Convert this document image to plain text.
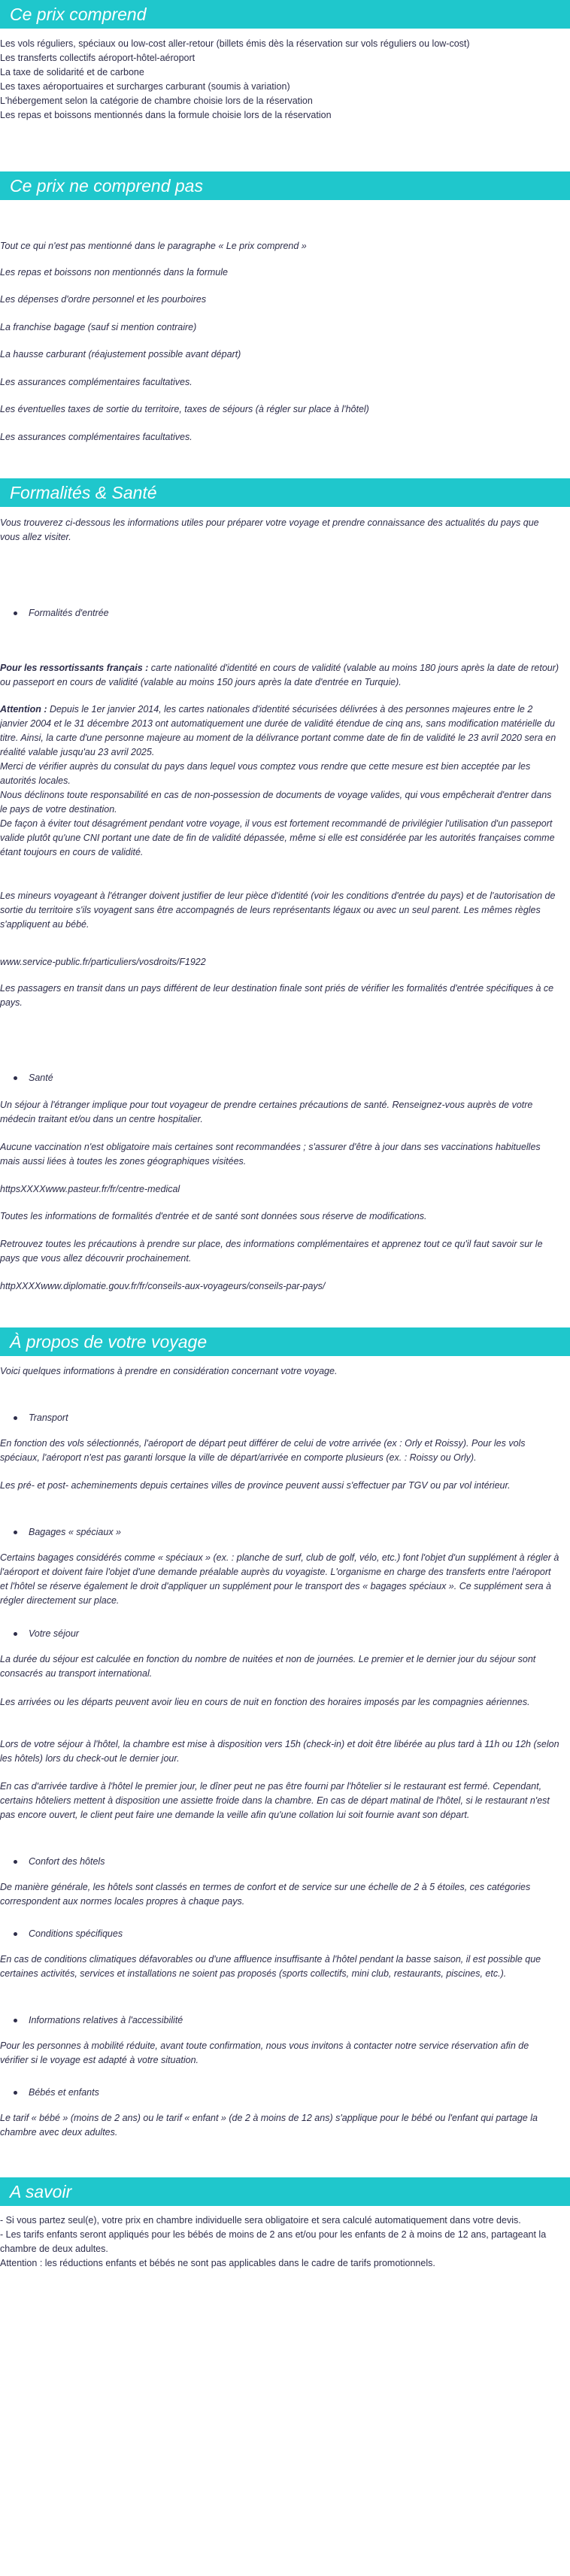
Ce prix comprend
Les vols réguliers, spéciaux ou low-cost aller-retour (billets émis dès la réservation sur vols réguliers ou low-cost)
Les transferts collectifs aéroport-hôtel-aéroport
La taxe de solidarité et de carbone
Les taxes aéroportuaires et surcharges carburant (soumis à variation)
L'hébergement selon la catégorie de chambre choisie lors de la réservation
Les repas et boissons mentionnés dans la formule choisie lors de la réservation
Ce prix ne comprend pas
Tout ce qui n'est pas mentionné dans le paragraphe « Le prix comprend »
Les repas et boissons non mentionnés dans la formule
Les dépenses d'ordre personnel et les pourboires
La franchise bagage (sauf si mention contraire)
La hausse carburant (réajustement possible avant départ)
Les assurances complémentaires facultatives.
Les éventuelles taxes de sortie du territoire, taxes de séjours (à régler sur place à l'hôtel)
Les assurances complémentaires facultatives.
Formalités & Santé
Vous trouverez ci-dessous les informations utiles pour préparer votre voyage et prendre connaissance des actualités du pays que vous allez visiter.
Formalités d'entrée
Pour les ressortissants français : carte nationalité d'identité en cours de validité (valable au moins 180 jours après la date de retour) ou passeport en cours de validité (valable au moins 150 jours après la date d'entrée en Turquie).
Attention : Depuis le 1er janvier 2014, les cartes nationales d'identité sécurisées délivrées à des personnes majeures entre le 2 janvier 2004 et le 31 décembre 2013 ont automatiquement une durée de validité étendue de cinq ans, sans modification matérielle du titre. Ainsi, la carte d'une personne majeure au moment de la délivrance portant comme date de fin de validité le 23 avril 2020 sera en réalité valable jusqu'au 23 avril 2025.
Merci de vérifier auprès du consulat du pays dans lequel vous comptez vous rendre que cette mesure est bien acceptée par les autorités locales.
Nous déclinons toute responsabilité en cas de non-possession de documents de voyage valides, qui vous empêcherait d'entrer dans le pays de votre destination.
De façon à éviter tout désagrément pendant votre voyage, il vous est fortement recommandé de privilégier l'utilisation d'un passeport valide plutôt qu'une CNI portant une date de fin de validité dépassée, même si elle est considérée par les autorités françaises comme étant toujours en cours de validité.
Les mineurs voyageant à l'étranger doivent justifier de leur pièce d'identité (voir les conditions d'entrée du pays) et de l'autorisation de sortie du territoire s'ils voyagent sans être accompagnés de leurs représentants légaux ou avec un seul parent. Les mêmes règles s'appliquent au bébé.
www.service-public.fr/particuliers/vosdroits/F1922
Les passagers en transit dans un pays différent de leur destination finale sont priés de vérifier les formalités d'entrée spécifiques à ce pays.
Santé
Un séjour à l'étranger implique pour tout voyageur de prendre certaines précautions de santé. Renseignez-vous auprès de votre médecin traitant et/ou dans un centre hospitalier.
Aucune vaccination n'est obligatoire mais certaines sont recommandées ; s'assurer d'être à jour dans ses vaccinations habituelles mais aussi liées à toutes les zones géographiques visitées.
httpsXXXXwww.pasteur.fr/fr/centre-medical
Toutes les informations de formalités d'entrée et de santé sont données sous réserve de modifications.
Retrouvez toutes les précautions à prendre sur place, des informations complémentaires et apprenez tout ce qu'il faut savoir sur le pays que vous allez découvrir prochainement.
httpXXXXwww.diplomatie.gouv.fr/fr/conseils-aux-voyageurs/conseils-par-pays/
À propos de votre voyage
Voici quelques informations à prendre en considération concernant votre voyage.
Transport
En fonction des vols sélectionnés, l'aéroport de départ peut différer de celui de votre arrivée (ex : Orly et Roissy). Pour les vols spéciaux, l'aéroport n'est pas garanti lorsque la ville de départ/arrivée en comporte plusieurs (ex. : Roissy ou Orly).
Les pré- et post- acheminements depuis certaines villes de province peuvent aussi s'effectuer par TGV ou par vol intérieur.
Bagages « spéciaux »
Certains bagages considérés comme « spéciaux » (ex. : planche de surf, club de golf, vélo, etc.) font l'objet d'un supplément à régler à l'aéroport et doivent faire l'objet d'une demande préalable auprès du voyagiste. L'organisme en charge des transferts entre l'aéroport et l'hôtel se réserve également le droit d'appliquer un supplément pour le transport des « bagages spéciaux ». Ce supplément sera à régler directement sur place.
Votre séjour
La durée du séjour est calculée en fonction du nombre de nuitées et non de journées. Le premier et le dernier jour du séjour sont consacrés au transport international.
Les arrivées ou les départs peuvent avoir lieu en cours de nuit en fonction des horaires imposés par les compagnies aériennes.
Lors de votre séjour à l'hôtel, la chambre est mise à disposition vers 15h (check-in) et doit être libérée au plus tard à 11h ou 12h (selon les hôtels) lors du check-out le dernier jour.
En cas d'arrivée tardive à l'hôtel le premier jour, le dîner peut ne pas être fourni par l'hôtelier si le restaurant est fermé. Cependant, certains hôteliers mettent à disposition une assiette froide dans la chambre. En cas de départ matinal de l'hôtel, si le restaurant n'est pas encore ouvert, le client peut faire une demande la veille afin qu'une collation lui soit fournie avant son départ.
Confort des hôtels
De manière générale, les hôtels sont classés en termes de confort et de service sur une échelle de 2 à 5 étoiles, ces catégories correspondent aux normes locales propres à chaque pays.
Conditions spécifiques
En cas de conditions climatiques défavorables ou d'une affluence insuffisante à l'hôtel pendant la basse saison, il est possible que certaines activités, services et installations ne soient pas proposés (sports collectifs, mini club, restaurants, piscines, etc.).
Informations relatives à l'accessibilité
Pour les personnes à mobilité réduite, avant toute confirmation, nous vous invitons à contacter notre service réservation afin de vérifier si le voyage est adapté à votre situation.
Bébés et enfants
Le tarif « bébé » (moins de 2 ans) ou le tarif « enfant » (de 2 à moins de 12 ans) s'applique pour le bébé ou l'enfant qui partage la chambre avec deux adultes.
A savoir
- Si vous partez seul(e), votre prix en chambre individuelle sera obligatoire et sera calculé automatiquement dans votre devis.
- Les tarifs enfants seront appliqués pour les bébés de moins de 2 ans et/ou pour les enfants de 2 à moins de 12 ans, partageant la chambre de deux adultes.
Attention : les réductions enfants et bébés ne sont pas applicables dans le cadre de tarifs promotionnels.
